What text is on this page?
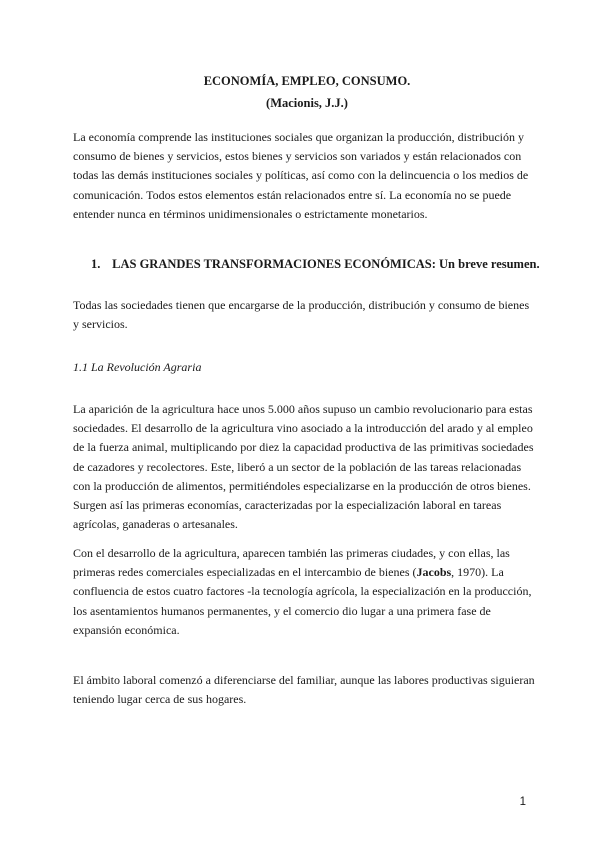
ECONOMÍA, EMPLEO, CONSUMO.
(Macionis, J.J.)

La economía comprende las instituciones sociales que organizan la producción, distribución y consumo de bienes y servicios, estos bienes y servicios son variados y están relacionados con todas las demás instituciones sociales y políticas, así como con la delincuencia o los medios de comunicación. Todos estos elementos están relacionados entre sí. La economía no se puede entender nunca en términos unidimensionales o estrictamente monetarios.

1. LAS GRANDES TRANSFORMACIONES ECONÓMICAS: Un breve resumen.

Todas las sociedades tienen que encargarse de la producción, distribución y consumo de bienes y servicios.

1.1 La Revolución Agraria

La aparición de la agricultura hace unos 5.000 años supuso un cambio revolucionario para estas sociedades. El desarrollo de la agricultura vino asociado a la introducción del arado y al empleo de la fuerza animal, multiplicando por diez la capacidad productiva de las primitivas sociedades de cazadores y recolectores. Este, liberó a un sector de la población de las tareas relacionadas con la producción de alimentos, permitiéndoles especializarse en la producción de otros bienes. Surgen así las primeras economías, caracterizadas por la especialización laboral en tareas agrícolas, ganaderas o artesanales.

Con el desarrollo de la agricultura, aparecen también las primeras ciudades, y con ellas, las primeras redes comerciales especializadas en el intercambio de bienes (Jacobs, 1970). La confluencia de estos cuatro factores -la tecnología agrícola, la especialización en la producción, los asentamientos humanos permanentes, y el comercio dio lugar a una primera fase de expansión económica.

El ámbito laboral comenzó a diferenciarse del familiar, aunque las labores productivas siguieran teniendo lugar cerca de sus hogares.

1
